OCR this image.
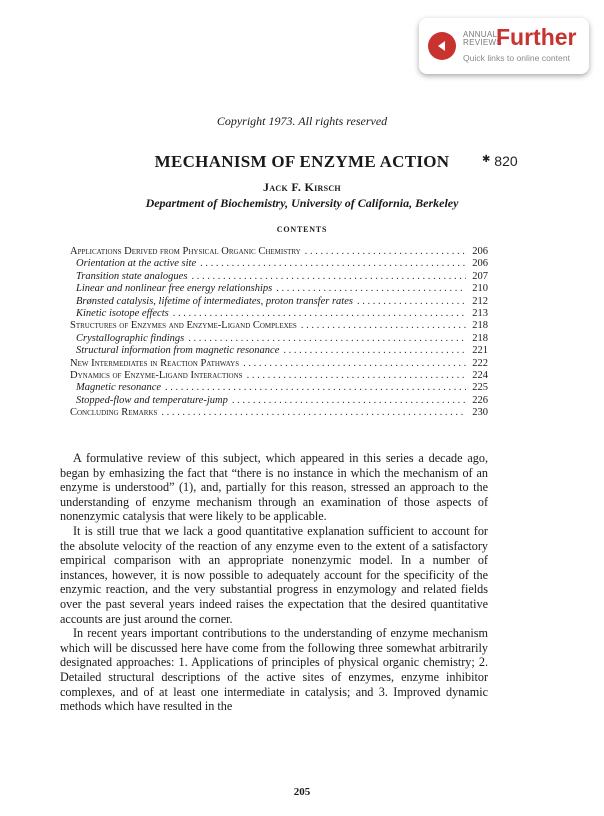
ANNUAL
REVIEWS
Further
Quick links to online content
Copyright 1973. All rights reserved
MECHANISM OF ENZYME ACTION	✱ 820
Jack F. Kirsch
Department of Biochemistry, University of California, Berkeley
CONTENTS
Applications Derived from Physical Organic Chemistry . . .	206
Orientation at the active site . . .	206
Transition state analogues . . .	207
Linear and nonlinear free energy relationships . . .	210
Brønsted catalysis, lifetime of intermediates, proton transfer rates . . .	212
Kinetic isotope effects . . .	213
Structures of Enzymes and Enzyme-Ligand Complexes . . .	218
Crystallographic findings . . .	218
Structural information from magnetic resonance . . .	221
New Intermediates in Reaction Pathways . . .	222
Dynamics of Enzyme-Ligand Interactions . . .	224
Magnetic resonance . . .	225
Stopped-flow and temperature-jump . . .	226
Concluding Remarks . . .	230

A formulative review of this subject, which appeared in this series a decade ago, began by emhasizing the fact that “there is no instance in which the mechanism of an enzyme is understood” (1), and, partially for this reason, stressed an approach to the understanding of enzyme mechanism through an examination of those aspects of nonenzymic catalysis that were likely to be applicable.

It is still true that we lack a good quantitative explanation sufficient to account for the absolute velocity of the reaction of any enzyme even to the extent of a satisfactory empirical comparison with an appropriate nonenzymic model. In a number of instances, however, it is now possible to adequately account for the specificity of the enzymic reaction, and the very substantial progress in enzymology and related fields over the past several years indeed raises the expectation that the desired quantitative accounts are just around the corner.

In recent years important contributions to the understanding of enzyme mechanism which will be discussed here have come from the following three somewhat arbitrarily designated approaches: 1. Applications of principles of physical organic chemistry; 2. Detailed structural descriptions of the active sites of enzymes, enzyme inhibitor complexes, and of at least one intermediate in catalysis; and 3. Improved dynamic methods which have resulted in the

205
